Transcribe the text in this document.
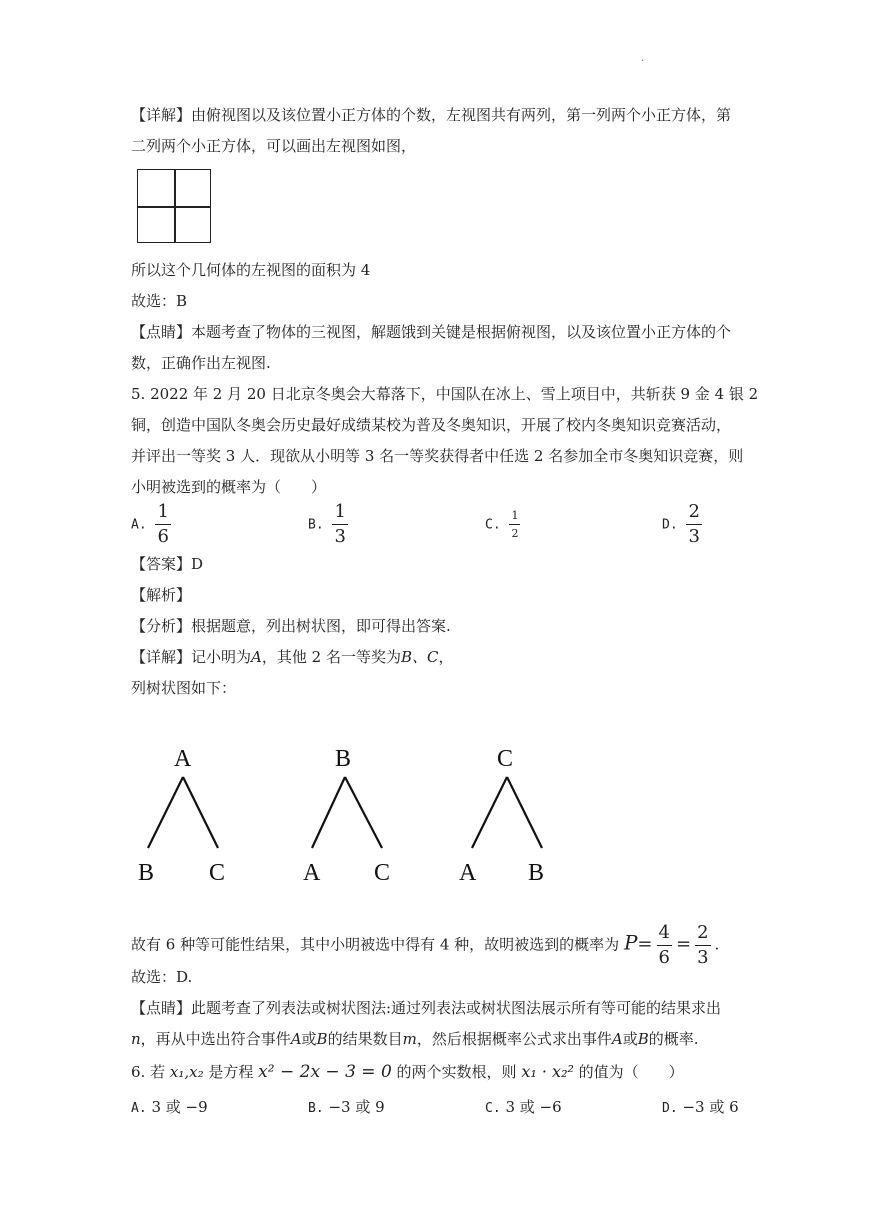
·
【详解】由俯视图以及该位置小正方体的个数，左视图共有两列，第一列两个小正方体，第
二列两个小正方体，可以画出左视图如图，
所以这个几何体的左视图的面积为 4
故选：B
【点睛】本题考查了物体的三视图，解题饿到关键是根据俯视图，以及该位置小正方体的个
数，正确作出左视图.
5. 2022 年 2 月 20 日北京冬奥会大幕落下，中国队在冰上、雪上项目中，共斩获 9 金 4 银 2
铜，创造中国队冬奥会历史最好成绩某校为普及冬奥知识，开展了校内冬奥知识竞赛活动，
并评出一等奖 3 人．现欲从小明等 3 名一等奖获得者中任选 2 名参加全市冬奥知识竞赛，则
小明被选到的概率为（　　）
A. $\frac{1}{6}$	B. $\frac{1}{3}$	C. $\frac{1}{2}$	D. $\frac{2}{3}$
【答案】D
【解析】
【分析】根据题意，列出树状图，即可得出答案.
【详解】记小明为A，其他 2 名一等奖为B、C，
列树状图如下：
A
B C
B
A C
C
A B
故有 6 种等可能性结果，其中小明被选中得有 4 种，故明被选到的概率为 $P= \frac{4}{6} = \frac{2}{3}$ .
故选：D.
【点睛】此题考查了列表法或树状图法:通过列表法或树状图法展示所有等可能的结果求出
n，再从中选出符合事件A或B的结果数目m，然后根据概率公式求出事件A或B的概率.
6. 若 x₁,x₂ 是方程 x² − 2x − 3 = 0 的两个实数根，则 x₁ · x₂² 的值为（　　）
A. 3 或 −9	B. −3 或 9	C. 3 或 −6	D. −3 或 6
